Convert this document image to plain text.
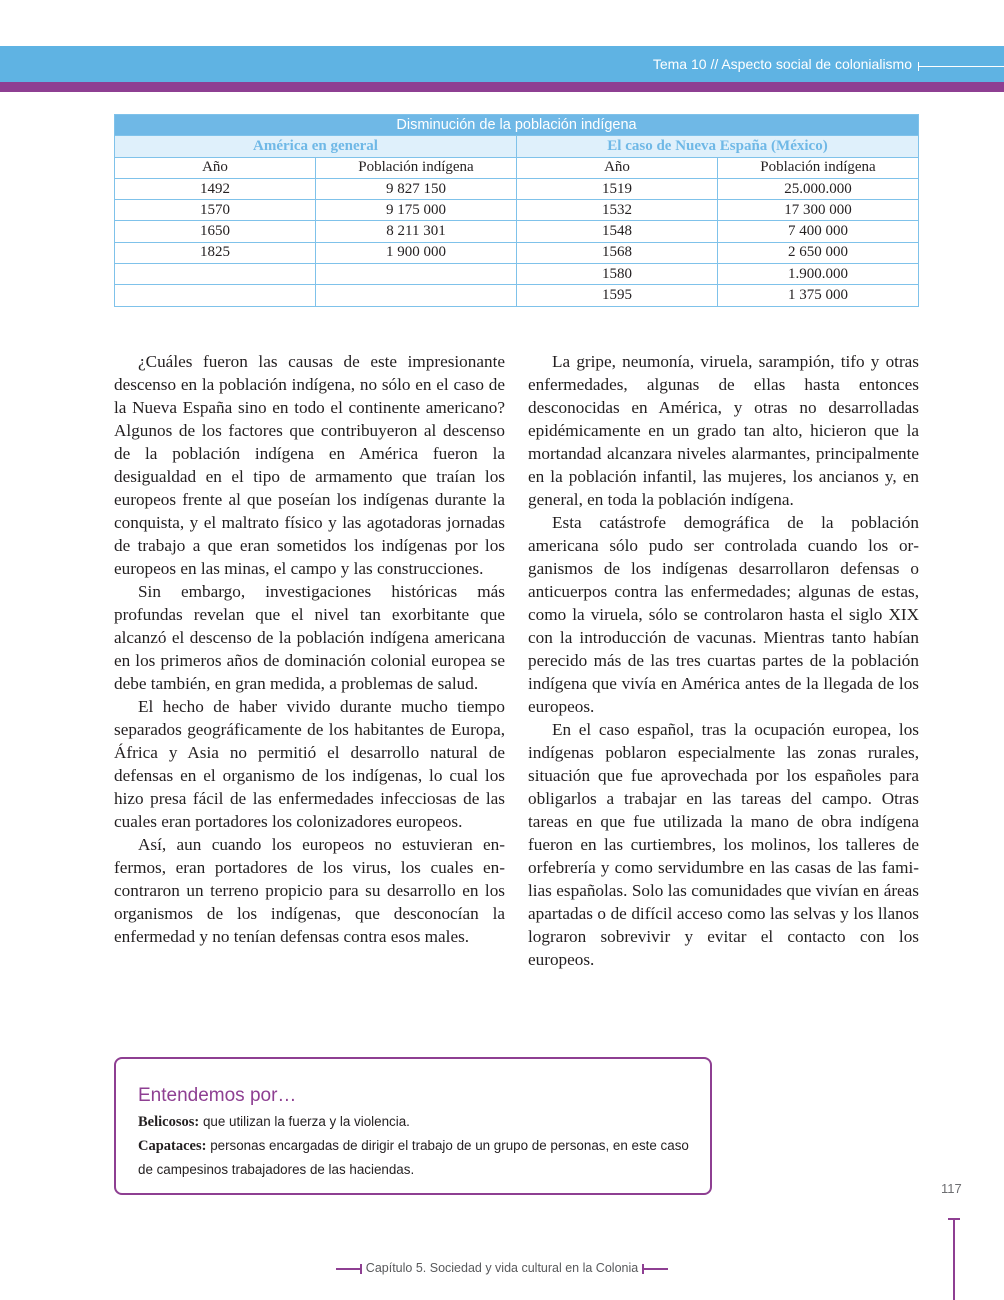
Tema 10 // Aspecto social de colonialismo
Disminución de la población indígena			
América en general		El caso de Nueva España (México)	
Año	Población indígena	Año	Población indígena
1492	9 827 150	1519	25.000.000
1570	9 175 000	1532	17 300 000
1650	8 211 301	1548	7 400 000
1825	1 900 000	1568	2 650 000
		1580	1.900.000
		1595	1 375 000

¿Cuáles fueron las causas de este impresionante descenso en la población indígena, no sólo en el caso de la Nueva España sino en todo el continente americano? Algunos de los factores que contribuyeron al descenso de la población indígena en América fueron la desigualdad en el tipo de armamento que traían los europeos frente al que poseían los indígenas durante la conquista, y el maltrato físico y las agotadoras jornadas de trabajo a que eran sometidos los indígenas por los europeos en las minas, el campo y las construcciones.

Sin embargo, investigaciones históricas más profundas revelan que el nivel tan exorbitante que alcanzó el descenso de la población indígena americana en los primeros años de dominación colonial europea se debe también, en gran medida, a problemas de salud.

El hecho de haber vivido durante mucho tiempo separados geográficamente de los habitantes de Europa, África y Asia no permitió el desarrollo natural de defensas en el organismo de los indígenas, lo cual los hizo presa fácil de las enfermedades infecciosas de las cuales eran portadores los colonizadores europeos.

Así, aun cuando los europeos no estuvieran enfermos, eran portadores de los virus, los cuales encontraron un terreno propicio para su desarrollo en los organismos de los indígenas, que desconocían la enfermedad y no tenían defensas contra esos males.

La gripe, neumonía, viruela, sarampión, tifo y otras enfermedades, algunas de ellas hasta entonces desconocidas en América, y otras no desarrolladas epidémicamente en un grado tan alto, hicieron que la mortandad alcanzara niveles alarmantes, principalmente en la población infantil, las mujeres, los ancianos y, en general, en toda la población indígena.

Esta catástrofe demográfica de la población americana sólo pudo ser controlada cuando los organismos de los indígenas desarrollaron defensas o anticuerpos contra las enfermedades; algunas de estas, como la viruela, sólo se controlaron hasta el siglo XIX con la introducción de vacunas. Mientras tanto habían perecido más de las tres cuartas partes de la población indígena que vivía en América antes de la llegada de los europeos.

En el caso español, tras la ocupación europea, los indígenas poblaron especialmente las zonas rurales, situación que fue aprovechada por los españoles para obligarlos a trabajar en las tareas del campo. Otras tareas en que fue utilizada la mano de obra indígena fueron en las curtiembres, los molinos, los talleres de orfebrería y como servidumbre en las casas de las familias españolas. Solo las comunidades que vivían en áreas apartadas o de difícil acceso como las selvas y los llanos lograron sobrevivir y evitar el contacto con los europeos.

Entendemos por…
Belicosos: que utilizan la fuerza y la violencia.
Capataces: personas encargadas de dirigir el trabajo de un grupo de personas, en este caso de campesinos trabajadores de las haciendas.
117
Capítulo 5. Sociedad y vida cultural en la Colonia
